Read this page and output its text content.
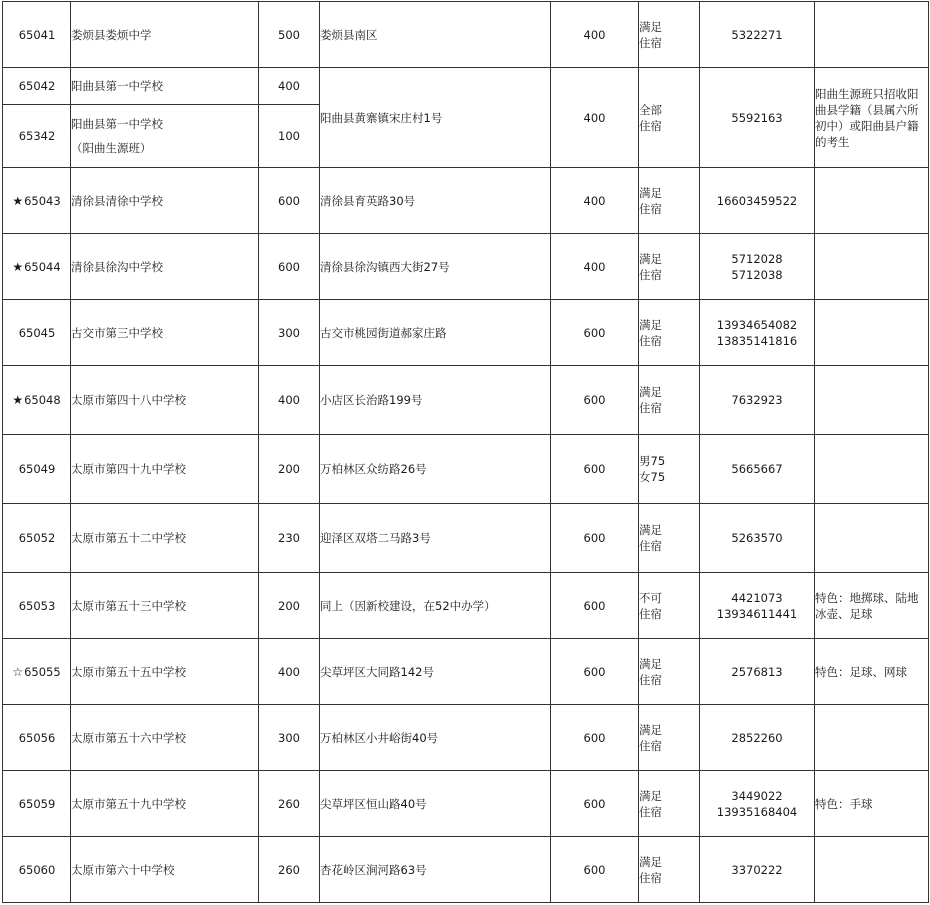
65041	娄烦县娄烦中学	500	娄烦县南区	400	满足
住宿	5322271	

65042	阳曲县第一中学校	400	阳曲县黄寨镇宋庄村1号	400	全部
住宿	5592163	阳曲生源班只招收阳曲县学籍（县属六所初中）或阳曲县户籍的考生
65342	阳曲县第一中学校
（阳曲生源班）	100					
★65043	清徐县清徐中学校	600	清徐县育英路30号	400	满足
住宿	16603459522	

★65044	清徐县徐沟中学校	600	清徐县徐沟镇西大街27号	400	满足
住宿	5712028
5712038	

65045	古交市第三中学校	300	古交市桃园街道郝家庄路	600	满足
住宿	13934654082
13835141816	

★65048	太原市第四十八中学校	400	小店区长治路199号	600	满足
住宿	7632923	

65049	太原市第四十九中学校	200	万柏林区众纺路26号	600	男75
女75	5665667	

65052	太原市第五十二中学校	230	迎泽区双塔二马路3号	600	满足
住宿	5263570	

65053	太原市第五十三中学校	200	同上（因新校建设，在52中办学）	600	不可
住宿	4421073
13934611441	特色：地掷球、陆地冰壶、足球
☆65055	太原市第五十五中学校	400	尖草坪区大同路142号	600	满足
住宿	2576813	特色：足球、网球
65056	太原市第五十六中学校	300	万柏林区小井峪街40号	600	满足
住宿	2852260	

65059	太原市第五十九中学校	260	尖草坪区恒山路40号	600	满足
住宿	3449022
13935168404	特色：手球
65060	太原市第六十中学校	260	杏花岭区涧河路63号	600	满足
住宿	3370222	
